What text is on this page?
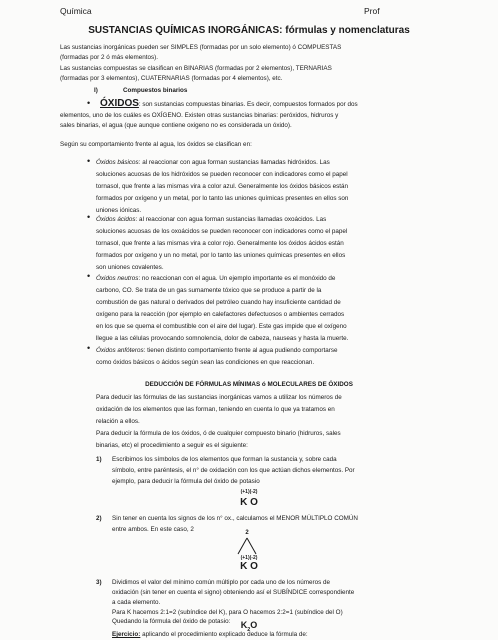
Química	Prof
SUSTANCIAS QUÍMICAS INORGÁNICAS: fórmulas y nomenclaturas
Las sustancias inorgánicas pueden ser SIMPLES (formadas por un solo elemento) ó COMPUESTAS
(formadas por 2 ó más elementos).
Las sustancias compuestas se clasifican en BINARIAS (formadas por 2 elementos), TERNARIAS
(formadas por 3 elementos), CUATERNARIAS (formadas por 4 elementos), etc.
I)	Compuestos binarios
• ÓXIDOS: son sustancias compuestas binarias. Es decir, compuestos formados por dos
elementos, uno de los cuáles es OXÍGENO. Existen otras sustancias binarias: peróxidos, hidruros y
sales binarias, el agua (que aunque contiene oxigeno no es considerada un óxido).
Según su comportamiento frente al agua, los óxidos se clasifican en:
• Óxidos básicos: al reaccionar con agua forman sustancias llamadas hidróxidos. Las
soluciones acuosas de los hidróxidos se pueden reconocer con indicadores como el papel
tornasol, que frente a las mismas vira a color azul. Generalmente los óxidos básicos están
formados por oxígeno y un metal, por lo tanto las uniones químicas presentes en ellos son
uniones iónicas.
• Óxidos ácidos: al reaccionar con agua forman sustancias llamadas oxoácidos. Las
soluciones acuosas de los oxoácidos se pueden reconocer con indicadores como el papel
tornasol, que frente a las mismas vira a color rojo. Generalmente los óxidos ácidos están
formados por oxígeno y un no metal, por lo tanto las uniones químicas presentes en ellos
son uniones covalentes.
• Óxidos neutros: no reaccionan con el agua. Un ejemplo importante es el monóxido de
carbono, CO. Se trata de un gas sumamente tóxico que se produce a partir de la
combustión de gas natural o derivados del petróleo cuando hay insuficiente cantidad de
oxígeno para la reacción (por ejemplo en calefactores defectuosos o ambientes cerrados
en los que se quema el combustible con el aire del lugar). Este gas impide que el oxígeno
llegue a las células provocando somnolencia, dolor de cabeza, nauseas y hasta la muerte.
• Óxidos anfóteros: tienen distinto comportamiento frente al agua pudiendo comportarse
como óxidos básicos o ácidos según sean las condiciones en que reaccionan.
DEDUCCIÓN DE FÓRMULAS MÍNIMAS ó MOLECULARES DE ÓXIDOS
Para deducir las fórmulas de las sustancias inorgánicas vamos a utilizar los números de
oxidación de los elementos que las forman, teniendo en cuenta lo que ya tratamos en
relación a ellos.
Para deducir la fórmula de los óxidos, ó de cualquier compuesto binario (hidruros, sales
binarias, etc) el procedimiento a seguir es el siguiente:
1) Escribimos los símbolos de los elementos que forman la sustancia y, sobre cada
símbolo, entre paréntesis, el n° de oxidación con los que actúan dichos elementos. Por
ejemplo, para deducir la fórmula del óxido de potasio
(+1)(-2)
K O
2) Sin tener en cuenta los signos de los n° ox., calculamos el MENOR MÚLTIPLO COMÚN
entre ambos. En este caso, 2	2
(+1)(-2)
K O
3) Dividimos el valor del mínimo común múltiplo por cada uno de los números de
oxidación (sin tener en cuenta el signo) obteniendo así el SUBÍNDICE correspondiente
a cada elemento.
Para K hacemos 2:1=2 (subíndice del K), para O hacemos 2:2=1 (subíndice del O)
Quedando la fórmula del óxido de potasio:	$K_2O$
Ejercicio: aplicando el procedimiento explicado deduce la fórmula de:
